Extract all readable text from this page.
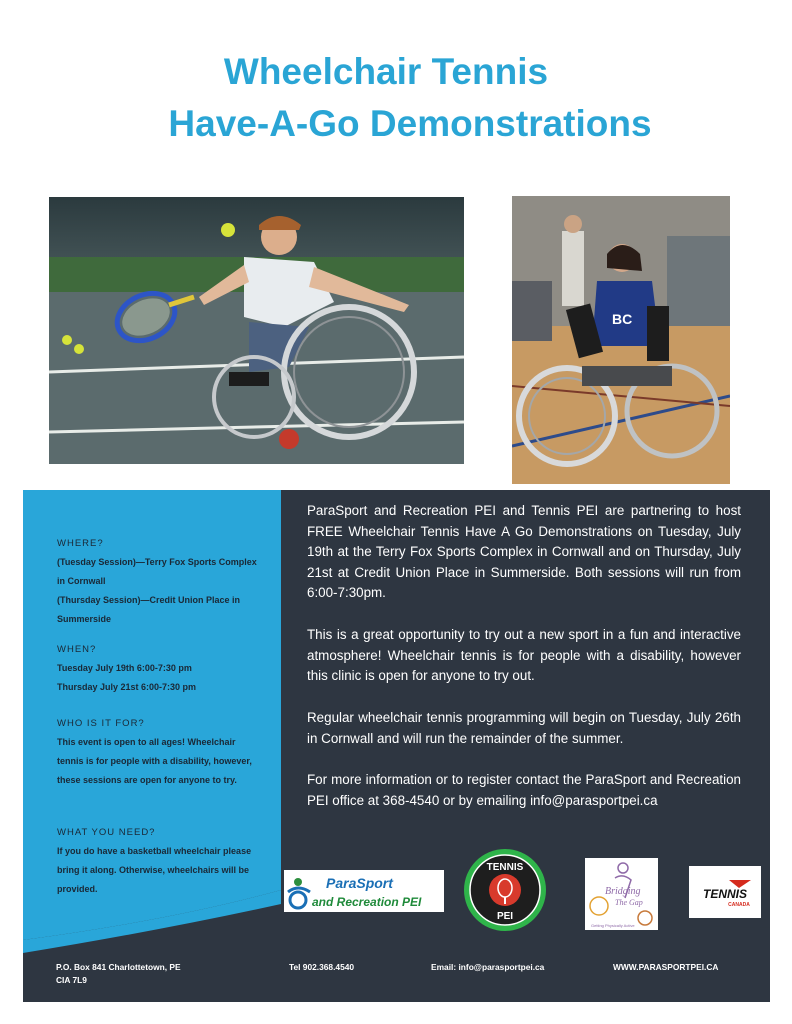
Wheelchair Tennis
Have-A-Go Demonstrations
BC
WHERE?
(Tuesday Session)—Terry Fox Sports Complex in Cornwall
(Thursday Session)—Credit Union Place in Summerside
WHEN?
Tuesday July 19th 6:00-7:30 pm
Thursday July 21st 6:00-7:30 pm
WHO IS IT FOR?
This event is open to all ages! Wheelchair tennis is for people with a disability, however, these sessions are open for anyone to try.
WHAT YOU NEED?
If you do have a basketball wheelchair please bring it along. Otherwise, wheelchairs will be provided.

ParaSport and Recreation PEI and Tennis PEI are partnering to host FREE Wheelchair Tennis Have A Go Demonstrations on Tuesday, July 19th at the Terry Fox Sports Complex in Cornwall and on Thursday, July 21st at Credit Union Place in Summerside. Both sessions will run from 6:00-7:30pm.

This is a great opportunity to try out a new sport in a fun and interactive atmosphere! Wheelchair tennis is for people with a disability, however this clinic is open for anyone to try out.

Regular wheelchair tennis programming will begin on Tuesday, July 26th in Cornwall and will run the remainder of the summer.

For more information or to register contact the ParaSport and Recreation PEI office at 368-4540 or by emailing info@parasportpei.ca

ParaSport
and Recreation PEI
TENNIS
PEI
Bridging
The Gap
Getting Physically Active
TENNIS
CANADA
P.O. Box 841 Charlottetown, PE
CIA 7L9
Tel 902.368.4540	Email: info@parasportpei.ca	WWW.PARASPORTPEI.CA
